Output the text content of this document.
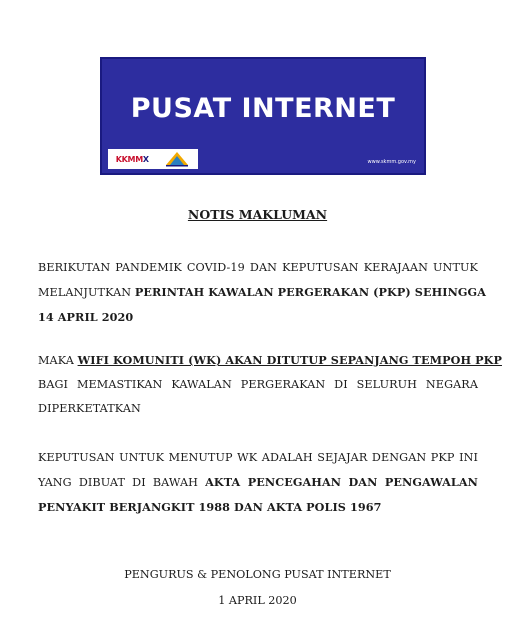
PUSAT INTERNET
KKMMX	www.skmm.gov.my
NOTIS MAKLUMAN
BERIKUTAN PANDEMIK COVID-19 DAN KEPUTUSAN KERAJAAN UNTUK
MELANJUTKAN PERINTAH KAWALAN PERGERAKAN (PKP) SEHINGGA
14 APRIL 2020
MAKA WIFI KOMUNITI (WK) AKAN DITUTUP SEPANJANG TEMPOH PKP
BAGI MEMASTIKAN KAWALAN PERGERAKAN DI SELURUH NEGARA
DIPERKETATKAN
KEPUTUSAN UNTUK MENUTUP WK ADALAH SEJAJAR DENGAN PKP INI
YANG DIBUAT DI BAWAH AKTA PENCEGAHAN DAN PENGAWALAN
PENYAKIT BERJANGKIT 1988 DAN AKTA POLIS 1967
PENGURUS & PENOLONG PUSAT INTERNET
1 APRIL 2020
